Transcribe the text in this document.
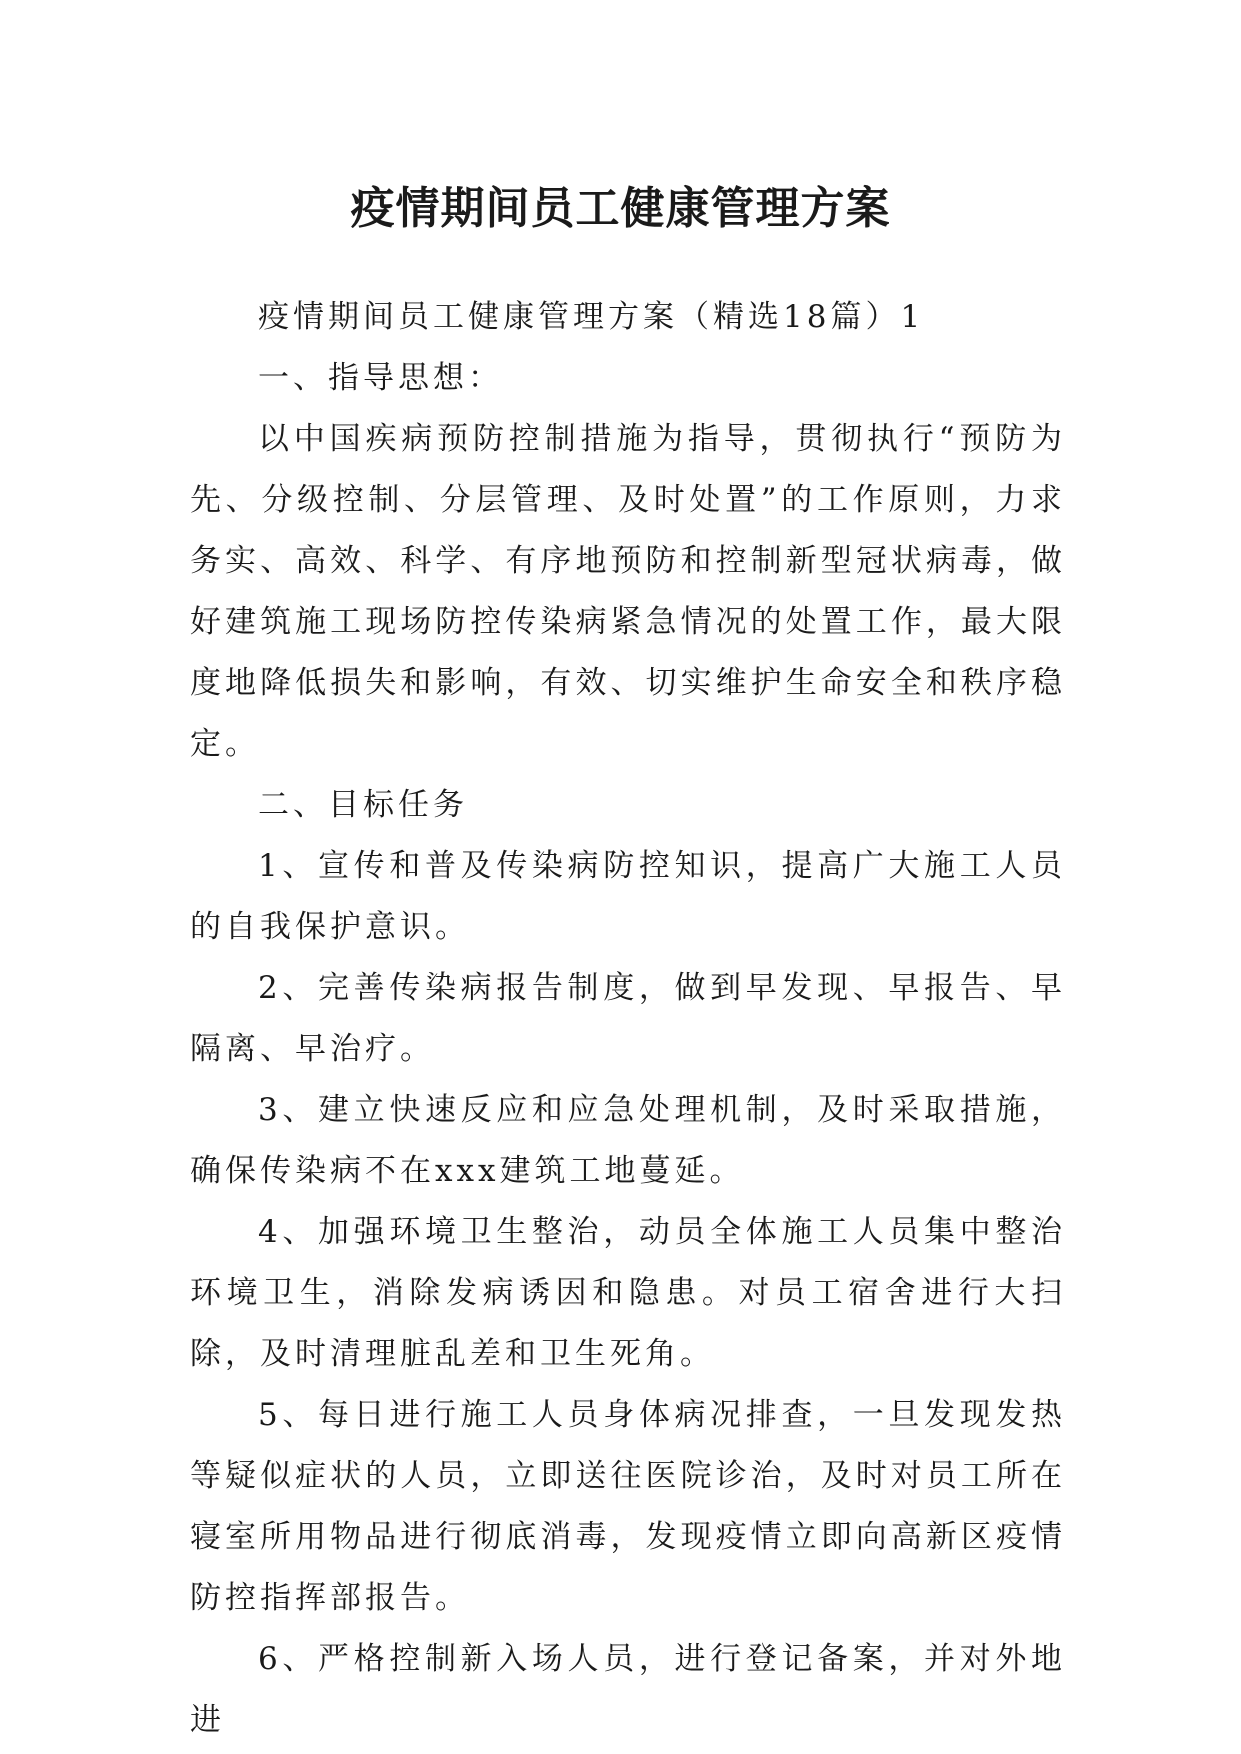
疫情期间员工健康管理方案

疫情期间员工健康管理方案（精选18篇）1

一、指导思想：

以中国疾病预防控制措施为指导，贯彻执行“预防为先、分级控制、分层管理、及时处置”的工作原则，力求务实、高效、科学、有序地预防和控制新型冠状病毒，做好建筑施工现场防控传染病紧急情况的处置工作，最大限度地降低损失和影响，有效、切实维护生命安全和秩序稳定。

二、目标任务

1、宣传和普及传染病防控知识，提高广大施工人员的自我保护意识。

2、完善传染病报告制度，做到早发现、早报告、早隔离、早治疗。

3、建立快速反应和应急处理机制，及时采取措施，确保传染病不在xxx建筑工地蔓延。

4、加强环境卫生整治，动员全体施工人员集中整治环境卫生，消除发病诱因和隐患。对员工宿舍进行大扫除，及时清理脏乱差和卫生死角。

5、每日进行施工人员身体病况排查，一旦发现发热等疑似症状的人员，立即送往医院诊治，及时对员工所在寝室所用物品进行彻底消毒，发现疫情立即向高新区疫情防控指挥部报告。

6、严格控制新入场人员，进行登记备案，并对外地进
